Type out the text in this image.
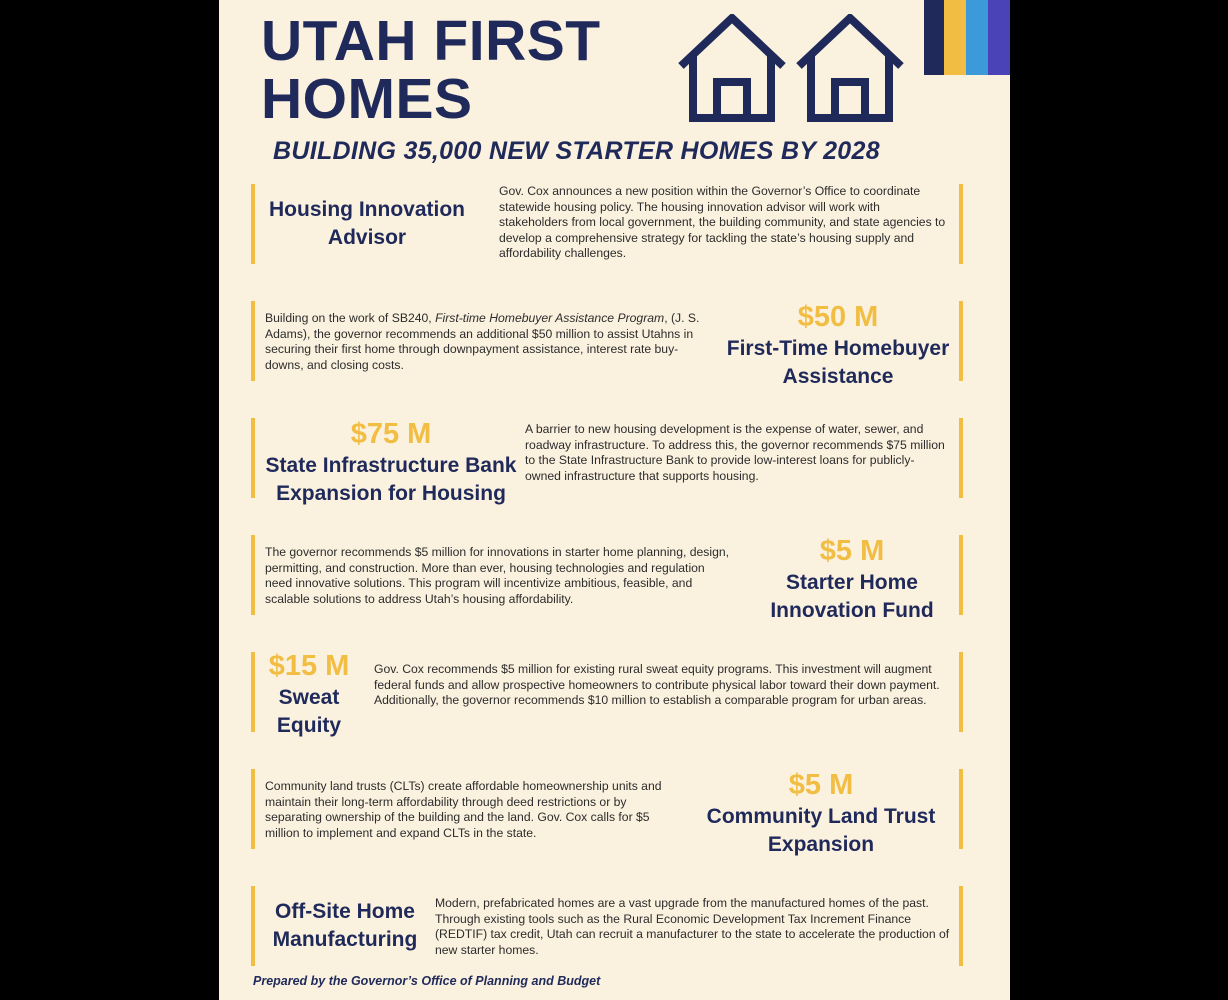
UTAH FIRST
HOMES
BUILDING 35,000 NEW STARTER HOMES BY 2028
Housing Innovation Advisor

Gov. Cox announces a new position within the Governor’s Office to coordinate statewide housing policy. The housing innovation advisor will work with stakeholders from local government, the building community, and state agencies to develop a comprehensive strategy for tackling the state’s housing supply and affordability challenges.

Building on the work of SB240, First-time Homebuyer Assistance Program, (J. S. Adams), the governor recommends an additional $50 million to assist Utahns in securing their first home through downpayment assistance, interest rate buy-downs, and closing costs.

$50 M
First-Time Homebuyer Assistance
$75 M
State Infrastructure Bank Expansion for Housing

A barrier to new housing development is the expense of water, sewer, and roadway infrastructure. To address this, the governor recommends $75 million to the State Infrastructure Bank to provide low-interest loans for publicly-owned infrastructure that supports housing.

The governor recommends $5 million for innovations in starter home planning, design, permitting, and construction. More than ever, housing technologies and regulation need innovative solutions. This program will incentivize ambitious, feasible, and scalable solutions to address Utah’s housing affordability.

$5 M
Starter Home Innovation Fund
$15 M
Sweat Equity

Gov. Cox recommends $5 million for existing rural sweat equity programs. This investment will augment federal funds and allow prospective homeowners to contribute physical labor toward their down payment. Additionally, the governor recommends $10 million to establish a comparable program for urban areas.

Community land trusts (CLTs) create affordable homeownership units and maintain their long-term affordability through deed restrictions or by separating ownership of the building and the land. Gov. Cox calls for $5 million to implement and expand CLTs in the state.

$5 M
Community Land Trust Expansion
Off-Site Home Manufacturing

Modern, prefabricated homes are a vast upgrade from the manufactured homes of the past. Through existing tools such as the Rural Economic Development Tax Increment Finance (REDTIF) tax credit, Utah can recruit a manufacturer to the state to accelerate the production of new starter homes.

Prepared by the Governor’s Office of Planning and Budget
